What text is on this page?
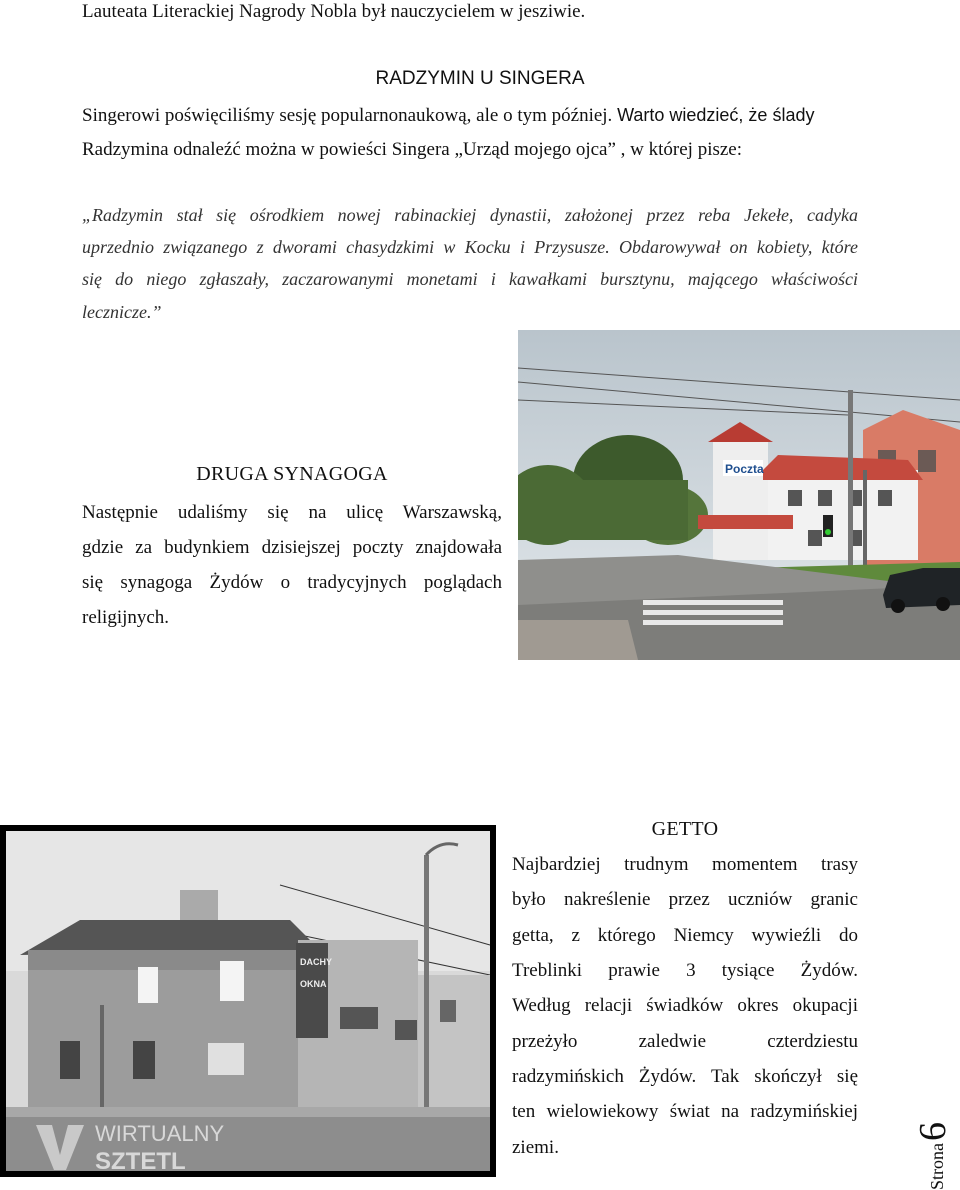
Lauteata Literackiej Nagrody Nobla był nauczycielem w jesziwie.
RADZYMIN U SINGERA
Singerowi poświęciliśmy sesję popularnonaukową, ale o tym później. Warto wiedzieć, że ślady
Radzymina odnaleźć można w powieści Singera „Urząd mojego ojca” , w której pisze:
„Radzymin stał się ośrodkiem nowej rabinackiej dynastii, założonej przez reba Jekełe, cadyka
uprzednio związanego z dworami chasydzkimi w Kocku i Przysusze. Obdarowywał on kobiety, które
się do niego zgłaszały, zaczarowanymi monetami i kawałkami bursztynu, mającego właściwości
lecznicze.”
Poczta
DRUGA SYNAGOGA
Następnie udaliśmy się na ulicę Warszawską,
gdzie za budynkiem dzisiejszej poczty znajdowała
się synagoga Żydów o tradycyjnych poglądach
religijnych.
DACHY
OKNA
WIRTUALNY
SZTETL
GETTO
Najbardziej trudnym momentem trasy
było nakreślenie przez uczniów granic
getta, z którego Niemcy wywieźli do
Treblinki prawie 3 tysiące Żydów.
Według relacji świadków okres okupacji
przeżyło zaledwie czterdziestu
radzymińskich Żydów. Tak skończył się
ten wielowiekowy świat na radzymińskiej
ziemi.	Strona
6
